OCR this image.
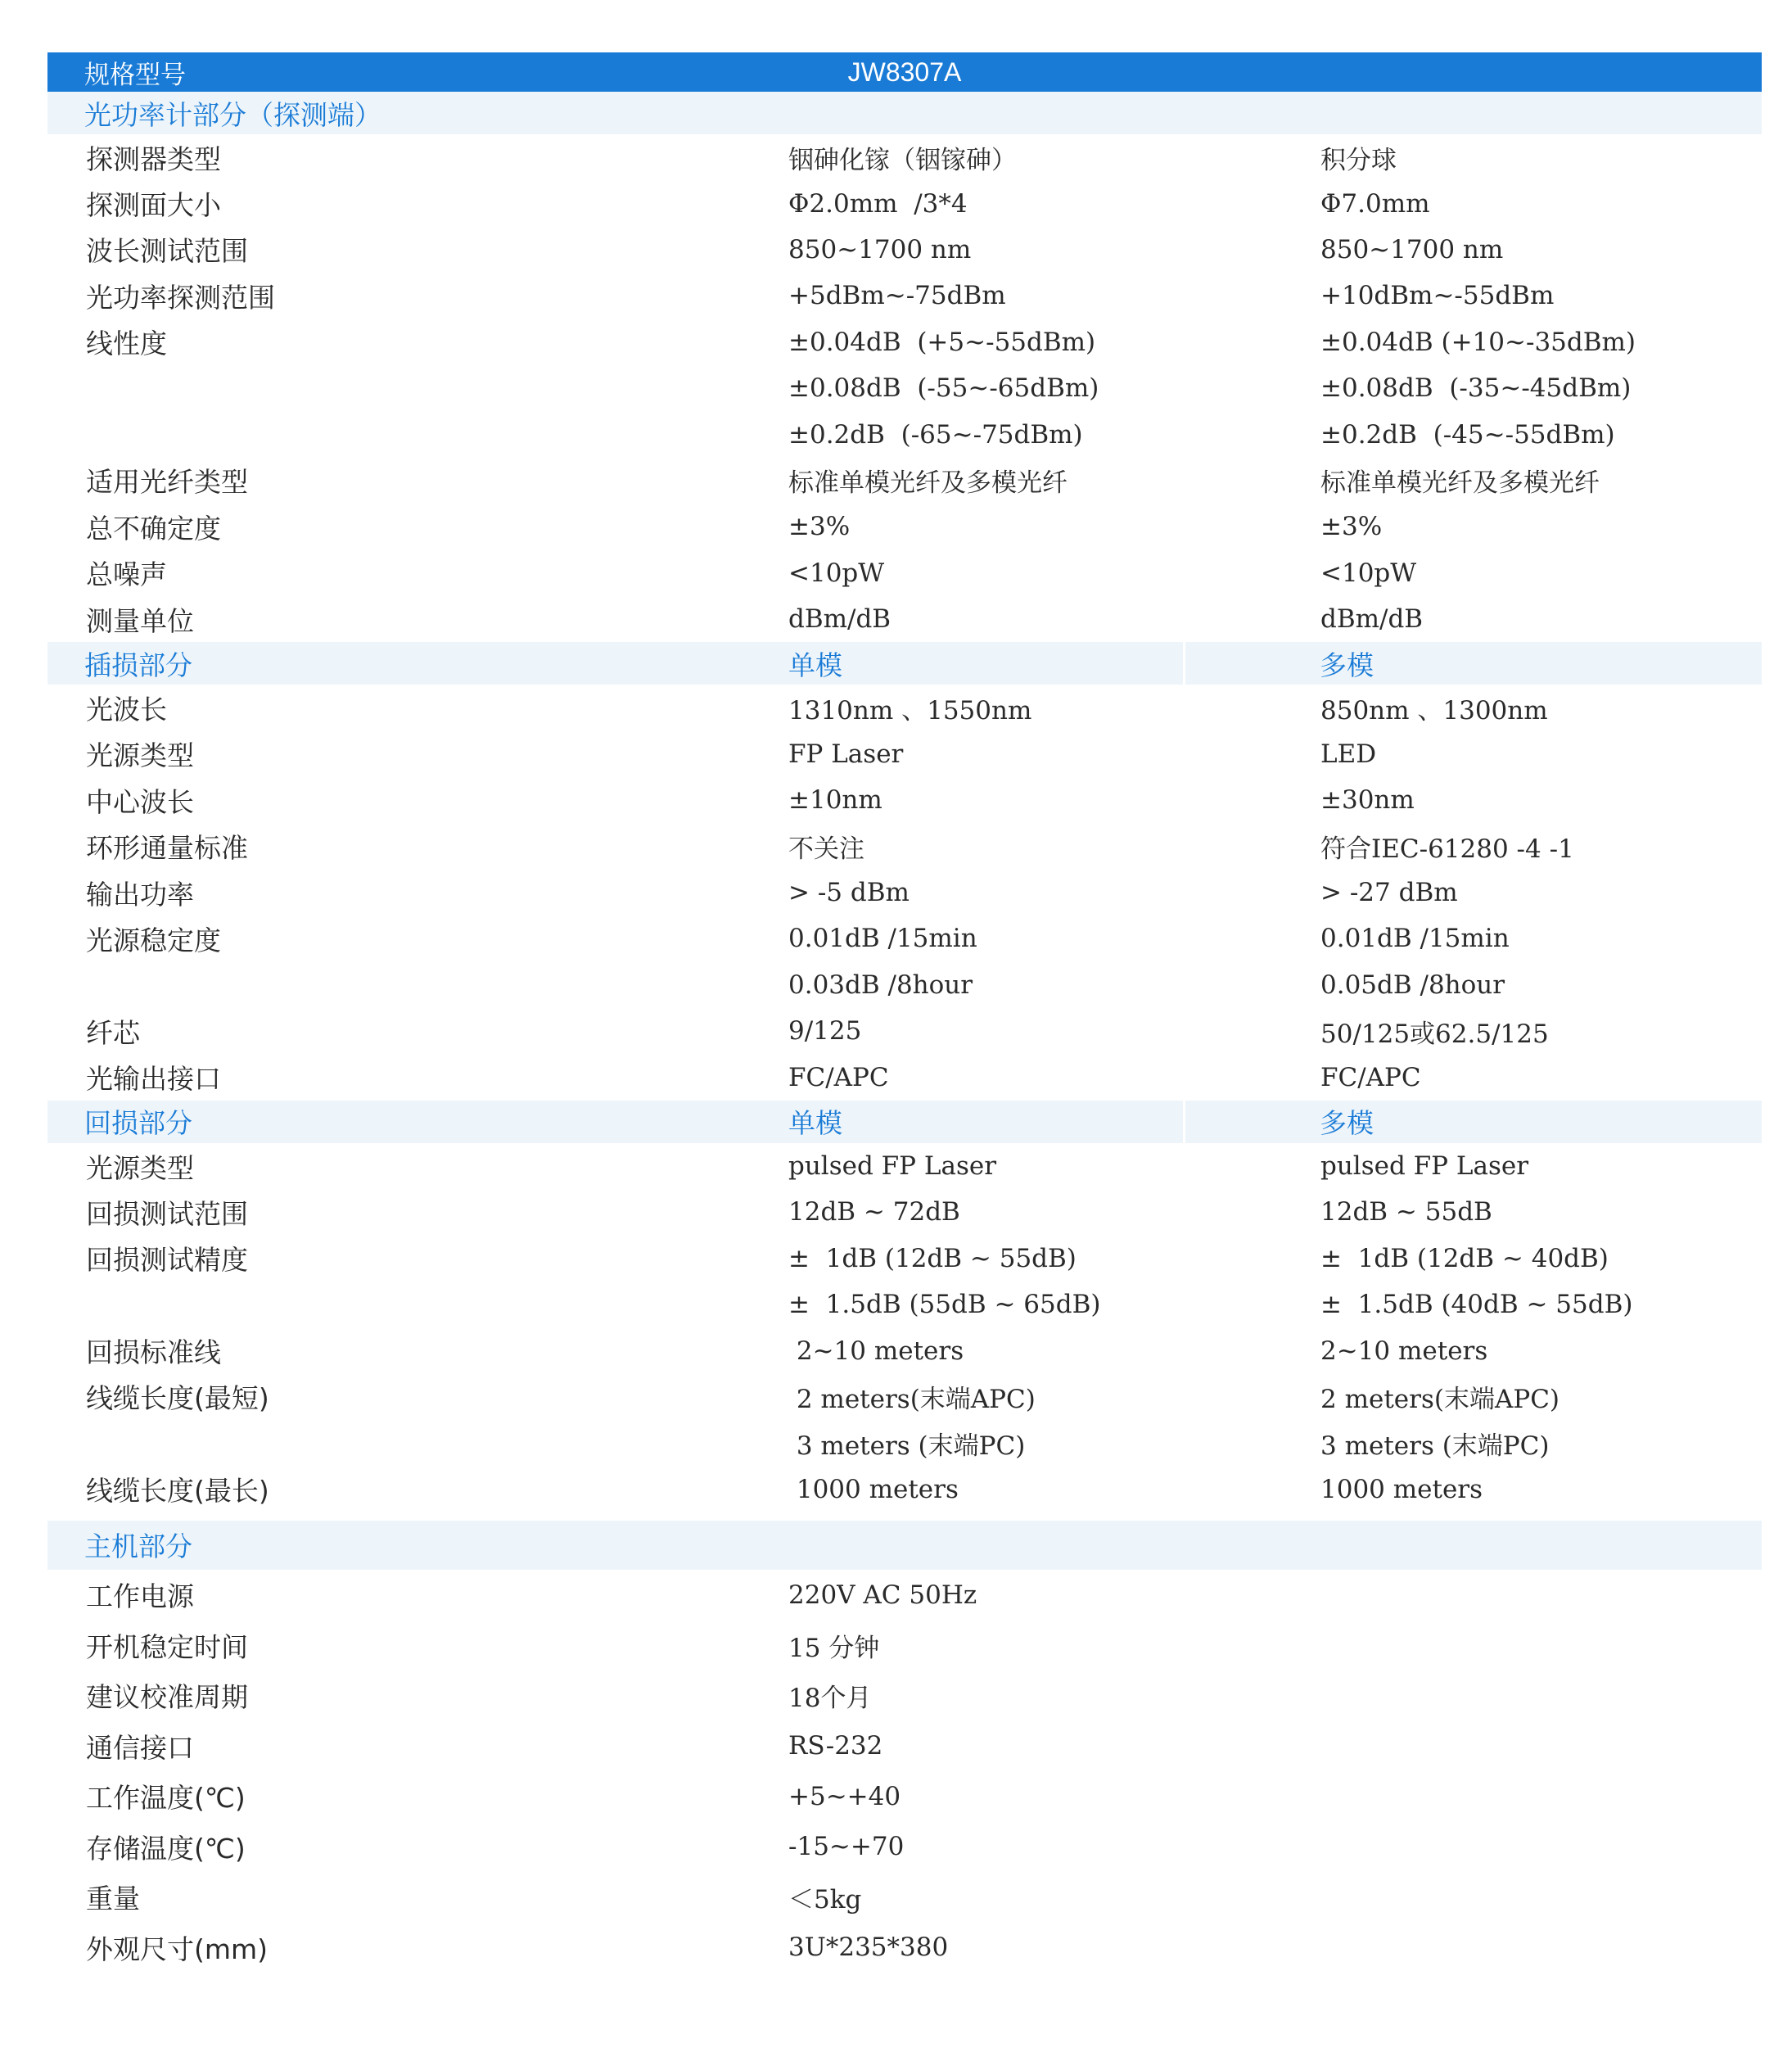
规格型号	JW8307A
光功率计部分（探测端）
探测器类型	铟砷化镓（铟镓砷）	积分球
探测面大小	Φ2.0mm  /3*4	Φ7.0mm
波长测试范围	850~1700 nm	850~1700 nm
光功率探测范围	+5dBm~-75dBm	+10dBm~-55dBm
线性度	±0.04dB  (+5~-55dBm)	±0.04dB (+10~-35dBm)
±0.08dB  (-55~-65dBm)	±0.08dB  (-35~-45dBm)
±0.2dB  (-65~-75dBm)	±0.2dB  (-45~-55dBm)
适用光纤类型	标准单模光纤及多模光纤	标准单模光纤及多模光纤
总不确定度	±3%	±3%
总噪声	<10pW	<10pW
测量单位	dBm/dB	dBm/dB
插损部分	单模	多模
光波长	1310nm 、1550nm	850nm 、1300nm
光源类型	FP Laser	LED
中心波长	±10nm	±30nm
环形通量标准	不关注	符合IEC-61280 -4 -1
输出功率	> -5 dBm	> -27 dBm
光源稳定度	0.01dB /15min	0.01dB /15min
0.03dB /8hour	0.05dB /8hour
纤芯	9/125	50/125或62.5/125
光输出接口	FC/APC	FC/APC
回损部分	单模	多模
光源类型	pulsed FP Laser	pulsed FP Laser
回损测试范围	12dB ~ 72dB	12dB ~ 55dB
回损测试精度	±  1dB (12dB ~ 55dB)	±  1dB (12dB ~ 40dB)
±  1.5dB (55dB ~ 65dB)	±  1.5dB (40dB ~ 55dB)
回损标准线	2~10 meters	2~10 meters
线缆长度(最短)	2 meters(末端APC)	2 meters(末端APC)
3 meters (末端PC)	3 meters (末端PC)
线缆长度(最长)	1000 meters	1000 meters
主机部分
工作电源	220V AC 50Hz
开机稳定时间	15 分钟
建议校准周期	18个月
通信接口	RS-232
工作温度(℃)	+5~+40
存储温度(℃)	-15~+70
重量	＜5kg
外观尺寸(mm)	3U*235*380
